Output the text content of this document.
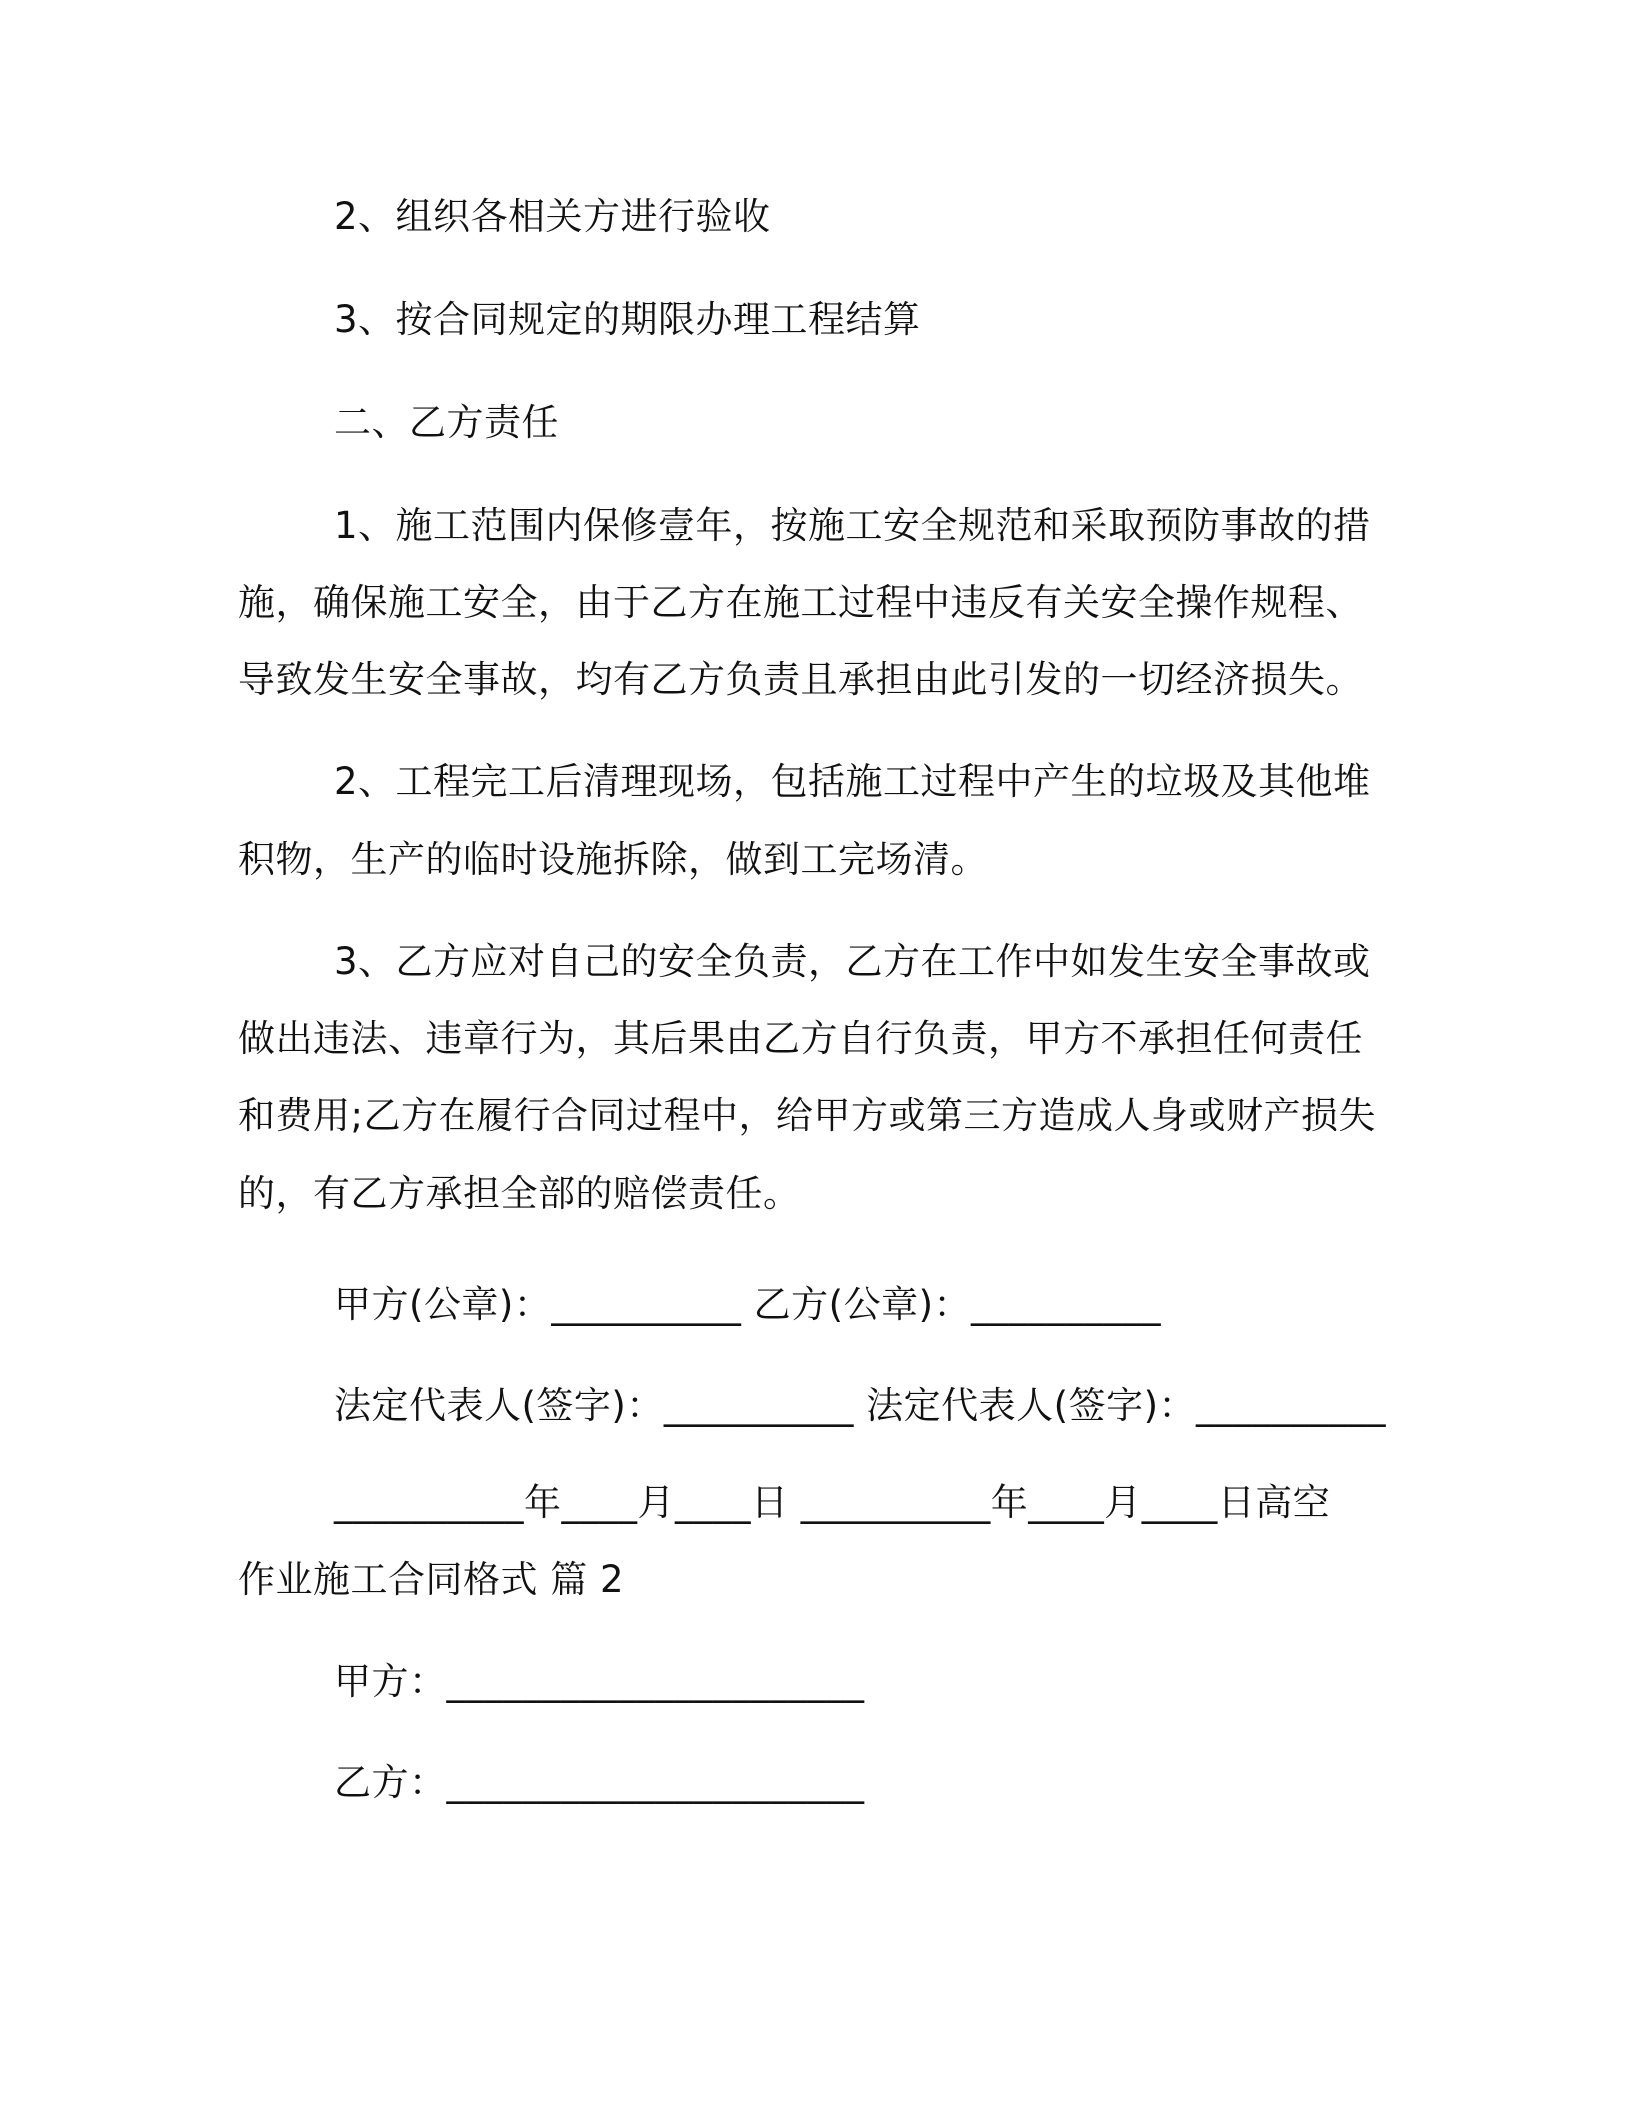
2、组织各相关方进行验收
3、按合同规定的期限办理工程结算
二、乙方责任
1、施工范围内保修壹年，按施工安全规范和采取预防事故的措
施，确保施工安全，由于乙方在施工过程中违反有关安全操作规程、
导致发生安全事故，均有乙方负责且承担由此引发的一切经济损失。
2、工程完工后清理现场，包括施工过程中产生的垃圾及其他堆
积物，生产的临时设施拆除，做到工完场清。
3、乙方应对自己的安全负责，乙方在工作中如发生安全事故或
做出违法、违章行为，其后果由乙方自行负责，甲方不承担任何责任
和费用;乙方在履行合同过程中，给甲方或第三方造成人身或财产损失
的，有乙方承担全部的赔偿责任。
甲方(公章)：__________ 乙方(公章)：__________
法定代表人(签字)：__________ 法定代表人(签字)：__________
__________年____月____日 __________年____月____日高空
作业施工合同格式 篇 2
甲方：______________________
乙方：______________________
